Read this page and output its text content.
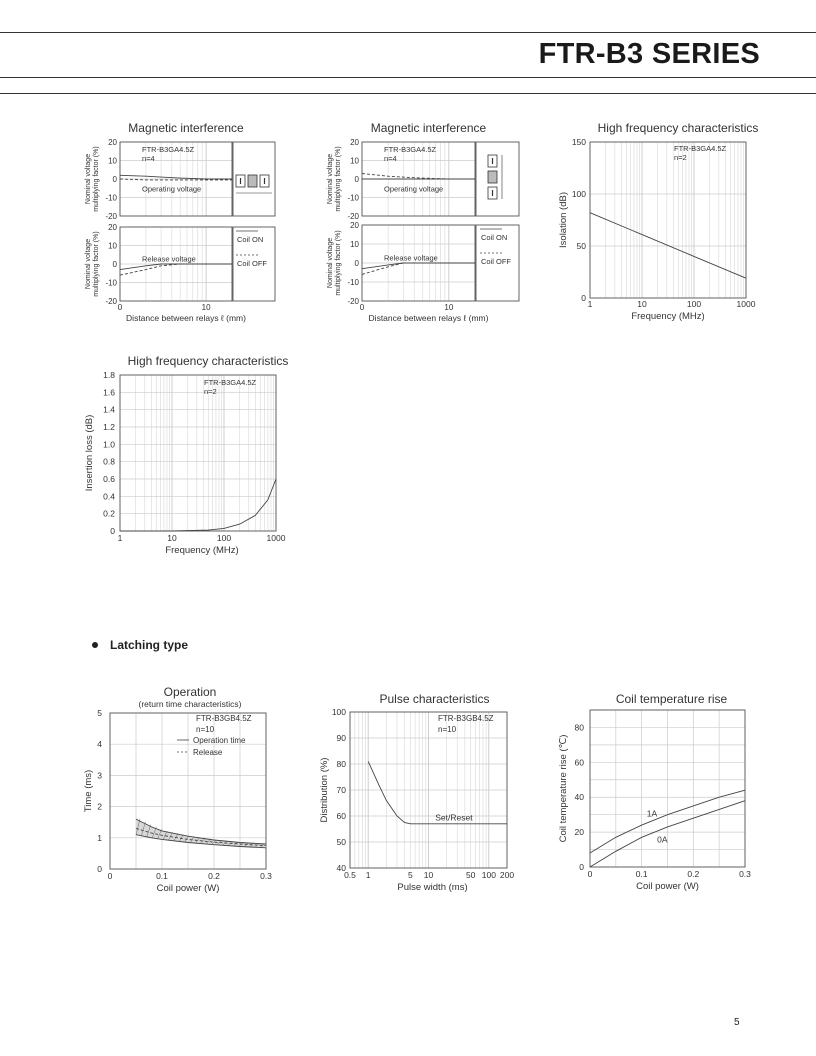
FTR-B3 SERIES
Magnetic interference
20
10
0
-10
-20
Nominal voltage multiplying factor (%)	Operating voltage
FTR-B3GA4.5Z
n=4
20
10
0
-10
-20
Nominal voltage multiplying factor (%)	Release voltage
Coil ON
Coil OFF
0	10
Distance between relays ℓ (mm)
Magnetic interference
20
10
0
-10
-20
Nominal voltage multiplying factor (%)	Operating voltage
FTR-B3GA4.5Z
n=4
20
10
0
-10
-20
Nominal voltage multiplying factor (%)	Release voltage
Coil ON
Coil OFF
0	10
Distance between relays ℓ (mm)
High frequency characteristics
150
100
50
0
1	10	100	1000
Frequency (MHz)
Isolation (dB)
FTR-B3GA4.5Z
n=2
High frequency characteristics
1.8
1.6
1.4
1.2
1.0
0.8
0.6
0.4
0.2
0
1	10	100	1000
Frequency (MHz)
Insertion loss (dB)
FTR-B3GA4.5Z
n=2
Latching type
Operation
(return time characteristics)
5
4
3
2
1
0
0	0.1	0.2	0.3
Coil power (W)
Time (ms)
FTR-B3GB4.5Z
n=10
Operation time
Release
Pulse characteristics
100
90
80
70
60
50
40
0.5 1	5 10	50 100 200
Pulse width (ms)
Distribution (%)
FTR-B3GB4.5Z
n=10
Set/Reset
Coil temperature rise
80
60
40
20
0
0	0.1	0.2	0.3
Coil power (W)
Coil temperature rise (℃)	1A
0A
5
